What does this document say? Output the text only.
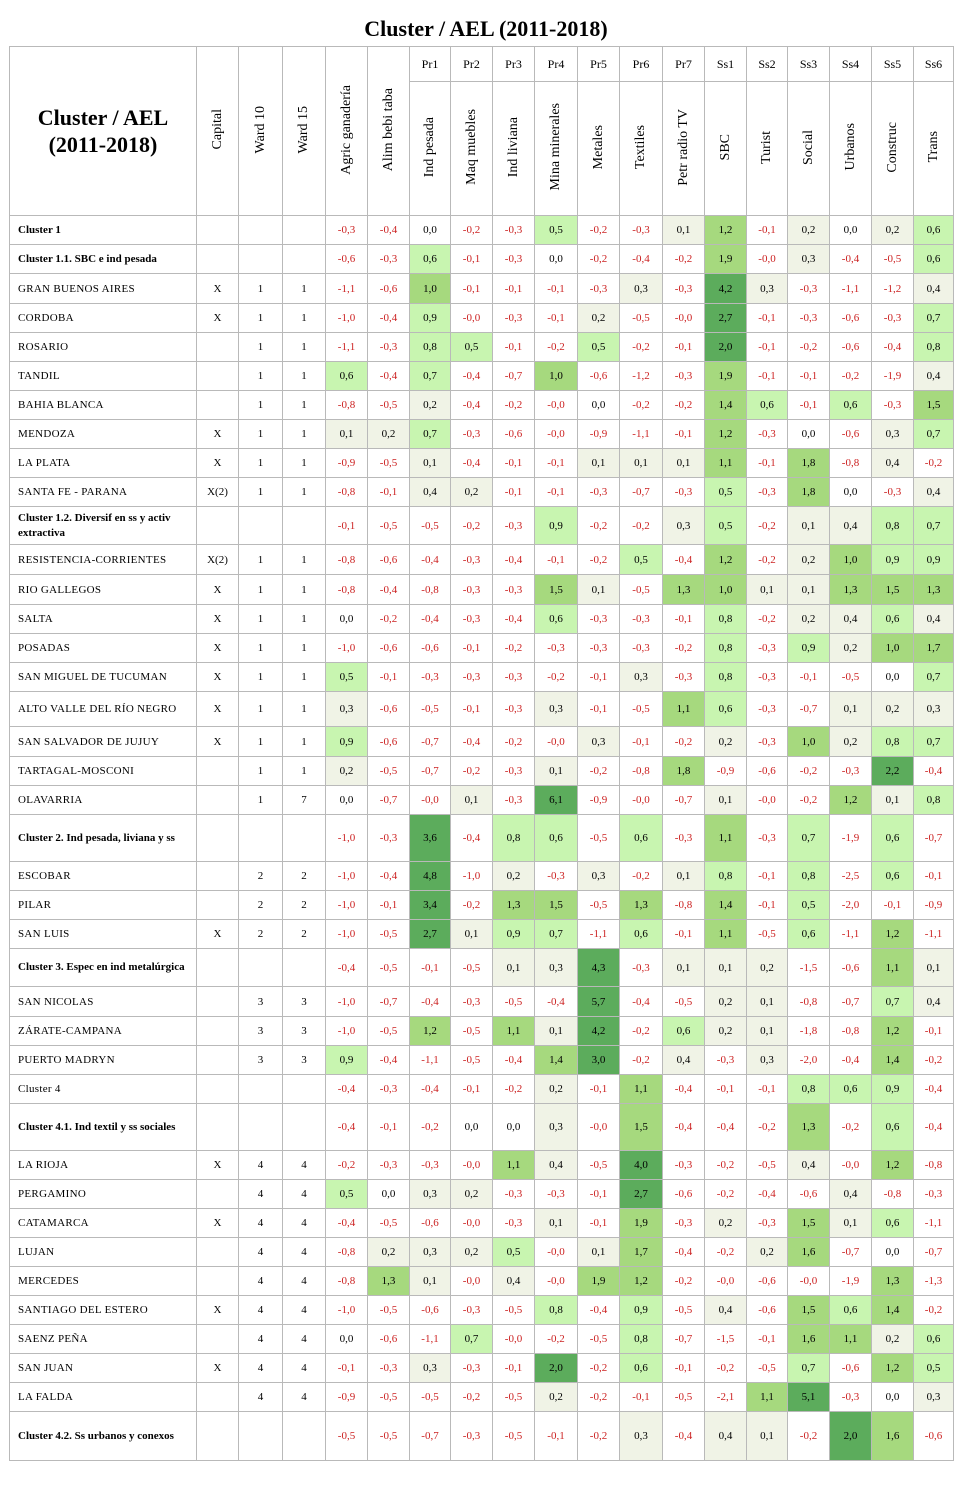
Cluster / AEL (2011-2018)
Cluster / AEL
(2011-2018)	Capital	Ward 10	Ward 15	Agric ganadería	Alim bebi taba	Pr1	Pr2	Pr3	Pr4	Pr5	Pr6	Pr7	Ss1	Ss2	Ss3	Ss4	Ss5	Ss6
						Ind pesada	Maq muebles	Ind liviana	Mina minerales	Metales	Textiles	Petr radio TV	SBC	Turist	Social	Urbanos	Construc	Trans
Cluster 1				-0,3	-0,4	0,0	-0,2	-0,3	0,5	-0,2	-0,3	0,1	1,2	-0,1	0,2	0,0	0,2	0,6
Cluster 1.1. SBC e ind pesada				-0,6	-0,3	0,6	-0,1	-0,3	0,0	-0,2	-0,4	-0,2	1,9	-0,0	0,3	-0,4	-0,5	0,6
GRAN BUENOS AIRES	X	1	1	-1,1	-0,6	1,0	-0,1	-0,1	-0,1	-0,3	0,3	-0,3	4,2	0,3	-0,3	-1,1	-1,2	0,4
CORDOBA	X	1	1	-1,0	-0,4	0,9	-0,0	-0,3	-0,1	0,2	-0,5	-0,0	2,7	-0,1	-0,3	-0,6	-0,3	0,7
ROSARIO		1	1	-1,1	-0,3	0,8	0,5	-0,1	-0,2	0,5	-0,2	-0,1	2,0	-0,1	-0,2	-0,6	-0,4	0,8
TANDIL		1	1	0,6	-0,4	0,7	-0,4	-0,7	1,0	-0,6	-1,2	-0,3	1,9	-0,1	-0,1	-0,2	-1,9	0,4
BAHIA BLANCA		1	1	-0,8	-0,5	0,2	-0,4	-0,2	-0,0	0,0	-0,2	-0,2	1,4	0,6	-0,1	0,6	-0,3	1,5
MENDOZA	X	1	1	0,1	0,2	0,7	-0,3	-0,6	-0,0	-0,9	-1,1	-0,1	1,2	-0,3	0,0	-0,6	0,3	0,7
LA PLATA	X	1	1	-0,9	-0,5	0,1	-0,4	-0,1	-0,1	0,1	0,1	0,1	1,1	-0,1	1,8	-0,8	0,4	-0,2
SANTA FE - PARANA	X(2)	1	1	-0,8	-0,1	0,4	0,2	-0,1	-0,1	-0,3	-0,7	-0,3	0,5	-0,3	1,8	0,0	-0,3	0,4
Cluster 1.2. Diversif en ss y activ extractiva				-0,1	-0,5	-0,5	-0,2	-0,3	0,9	-0,2	-0,2	0,3	0,5	-0,2	0,1	0,4	0,8	0,7
RESISTENCIA-CORRIENTES	X(2)	1	1	-0,8	-0,6	-0,4	-0,3	-0,4	-0,1	-0,2	0,5	-0,4	1,2	-0,2	0,2	1,0	0,9	0,9
RIO GALLEGOS	X	1	1	-0,8	-0,4	-0,8	-0,3	-0,3	1,5	0,1	-0,5	1,3	1,0	0,1	0,1	1,3	1,5	1,3
SALTA	X	1	1	0,0	-0,2	-0,4	-0,3	-0,4	0,6	-0,3	-0,3	-0,1	0,8	-0,2	0,2	0,4	0,6	0,4
POSADAS	X	1	1	-1,0	-0,6	-0,6	-0,1	-0,2	-0,3	-0,3	-0,3	-0,2	0,8	-0,3	0,9	0,2	1,0	1,7
SAN MIGUEL DE TUCUMAN	X	1	1	0,5	-0,1	-0,3	-0,3	-0,3	-0,2	-0,1	0,3	-0,3	0,8	-0,3	-0,1	-0,5	0,0	0,7
ALTO VALLE DEL RÍO NEGRO	X	1	1	0,3	-0,6	-0,5	-0,1	-0,3	0,3	-0,1	-0,5	1,1	0,6	-0,3	-0,7	0,1	0,2	0,3
SAN SALVADOR DE JUJUY	X	1	1	0,9	-0,6	-0,7	-0,4	-0,2	-0,0	0,3	-0,1	-0,2	0,2	-0,3	1,0	0,2	0,8	0,7
TARTAGAL-MOSCONI		1	1	0,2	-0,5	-0,7	-0,2	-0,3	0,1	-0,2	-0,8	1,8	-0,9	-0,6	-0,2	-0,3	2,2	-0,4
OLAVARRIA		1	7	0,0	-0,7	-0,0	0,1	-0,3	6,1	-0,9	-0,0	-0,7	0,1	-0,0	-0,2	1,2	0,1	0,8
Cluster 2. Ind pesada, liviana y ss				-1,0	-0,3	3,6	-0,4	0,8	0,6	-0,5	0,6	-0,3	1,1	-0,3	0,7	-1,9	0,6	-0,7
ESCOBAR		2	2	-1,0	-0,4	4,8	-1,0	0,2	-0,3	0,3	-0,2	0,1	0,8	-0,1	0,8	-2,5	0,6	-0,1
PILAR		2	2	-1,0	-0,1	3,4	-0,2	1,3	1,5	-0,5	1,3	-0,8	1,4	-0,1	0,5	-2,0	-0,1	-0,9
SAN LUIS	X	2	2	-1,0	-0,5	2,7	0,1	0,9	0,7	-1,1	0,6	-0,1	1,1	-0,5	0,6	-1,1	1,2	-1,1
Cluster 3. Espec en ind metalúrgica				-0,4	-0,5	-0,1	-0,5	0,1	0,3	4,3	-0,3	0,1	0,1	0,2	-1,5	-0,6	1,1	0,1
SAN NICOLAS		3	3	-1,0	-0,7	-0,4	-0,3	-0,5	-0,4	5,7	-0,4	-0,5	0,2	0,1	-0,8	-0,7	0,7	0,4
ZÁRATE-CAMPANA		3	3	-1,0	-0,5	1,2	-0,5	1,1	0,1	4,2	-0,2	0,6	0,2	0,1	-1,8	-0,8	1,2	-0,1
PUERTO MADRYN		3	3	0,9	-0,4	-1,1	-0,5	-0,4	1,4	3,0	-0,2	0,4	-0,3	0,3	-2,0	-0,4	1,4	-0,2
Cluster 4				-0,4	-0,3	-0,4	-0,1	-0,2	0,2	-0,1	1,1	-0,4	-0,1	-0,1	0,8	0,6	0,9	-0,4
Cluster 4.1. Ind textil y ss sociales				-0,4	-0,1	-0,2	0,0	0,0	0,3	-0,0	1,5	-0,4	-0,4	-0,2	1,3	-0,2	0,6	-0,4
LA RIOJA	X	4	4	-0,2	-0,3	-0,3	-0,0	1,1	0,4	-0,5	4,0	-0,3	-0,2	-0,5	0,4	-0,0	1,2	-0,8
PERGAMINO		4	4	0,5	0,0	0,3	0,2	-0,3	-0,3	-0,1	2,7	-0,6	-0,2	-0,4	-0,6	0,4	-0,8	-0,3
CATAMARCA	X	4	4	-0,4	-0,5	-0,6	-0,0	-0,3	0,1	-0,1	1,9	-0,3	0,2	-0,3	1,5	0,1	0,6	-1,1
LUJAN		4	4	-0,8	0,2	0,3	0,2	0,5	-0,0	0,1	1,7	-0,4	-0,2	0,2	1,6	-0,7	0,0	-0,7
MERCEDES		4	4	-0,8	1,3	0,1	-0,0	0,4	-0,0	1,9	1,2	-0,2	-0,0	-0,6	-0,0	-1,9	1,3	-1,3
SANTIAGO DEL ESTERO	X	4	4	-1,0	-0,5	-0,6	-0,3	-0,5	0,8	-0,4	0,9	-0,5	0,4	-0,6	1,5	0,6	1,4	-0,2
SAENZ PEÑA		4	4	0,0	-0,6	-1,1	0,7	-0,0	-0,2	-0,5	0,8	-0,7	-1,5	-0,1	1,6	1,1	0,2	0,6
SAN JUAN	X	4	4	-0,1	-0,3	0,3	-0,3	-0,1	2,0	-0,2	0,6	-0,1	-0,2	-0,5	0,7	-0,6	1,2	0,5
LA FALDA		4	4	-0,9	-0,5	-0,5	-0,2	-0,5	0,2	-0,2	-0,1	-0,5	-2,1	1,1	5,1	-0,3	0,0	0,3
Cluster 4.2. Ss urbanos y conexos				-0,5	-0,5	-0,7	-0,3	-0,5	-0,1	-0,2	0,3	-0,4	0,4	0,1	-0,2	2,0	1,6	-0,6
